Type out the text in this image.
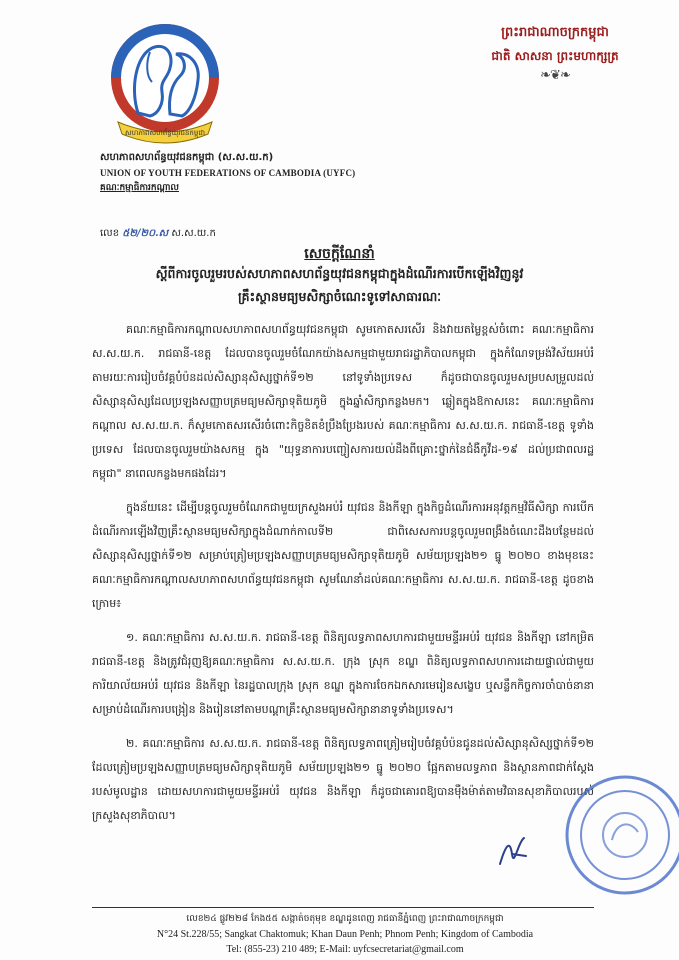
សហភាពសហព័ន្ធយុវជនកម្ពុជា
សហភាពសហព័ន្ធយុវជនកម្ពុជា (ស.ស.យ.ក)
UNION OF YOUTH FEDERATIONS OF CAMBODIA (UYFC)
គណៈកម្មាធិការកណ្តាល
លេខ ៥២/២០.ស ស.ស.យ.ក
ព្រះរាជាណាចក្រកម្ពុជា
ជាតិ សាសនា ព្រះមហាក្សត្រ
❧❦❧
សេចក្តីណែនាំ
ស្តីពីការចូលរួមរបស់សហភាពសហព័ន្ធយុវជនកម្ពុជាក្នុងដំណើរការបើកឡើងវិញនូវ
គ្រឹះស្ថានមធ្យមសិក្សាចំណេះទូទៅសាធារណៈ

គណៈកម្មាធិការកណ្តាលសហភាពសហព័ន្ធយុវជនកម្ពុជា សូមកោតសរសើរ និងវាយតម្លៃខ្ពស់ចំពោះ គណៈកម្មាធិការ ស.ស.យ.ក. រាជធានី-ខេត្ត ដែលបានចូលរួមចំណែកយ៉ាងសកម្មជាមួយរាជរដ្ឋាភិបាលកម្ពុជា ក្នុងកំណែទម្រង់វិស័យអប់រំ តាមរយៈការរៀបចំវគ្គបំប៉នដល់សិស្សានុសិស្សថ្នាក់ទី១២ នៅទូទាំងប្រទេស ក៏ដូចជាបានចូលរួមសម្របសម្រួលដល់សិស្សានុសិស្សដែលប្រឡងសញ្ញាបត្រមធ្យមសិក្សាទុតិយភូមិ ក្នុងឆ្នាំសិក្សាកន្លងមក។ ឆ្លៀតក្នុងឱកាសនេះ គណៈកម្មាធិការកណ្តាល ស.ស.យ.ក. ក៏សូមកោតសរសើរចំពោះកិច្ចខិតខំប្រឹងប្រែងរបស់ គណៈកម្មាធិការ ស.ស.យ.ក. រាជធានី-ខេត្ត ទូទាំងប្រទេស ដែលបានចូលរួមយ៉ាងសកម្ម ក្នុង "យុទ្ធនាការបញ្ជៀសការយល់ដឹងពីគ្រោះថ្នាក់នៃជំងឺកូវីដ-១៩ ដល់ប្រជាពលរដ្ឋកម្ពុជា" នាពេលកន្លងមកផងដែរ។

ក្នុងន័យនេះ ដើម្បីបន្តចូលរួមចំណែកជាមួយក្រសួងអប់រំ យុវជន និងកីឡា ក្នុងកិច្ចដំណើរការអនុវត្តកម្មវិធីសិក្សា ការបើកដំណើរការឡើងវិញគ្រឹះស្ថានមធ្យមសិក្សាក្នុងដំណាក់កាលទី២ ជាពិសេសការបន្តចូលរួមពង្រឹងចំណេះដឹងបន្ថែមដល់សិស្សានុសិស្សថ្នាក់ទី១២ សម្រាប់ត្រៀមប្រឡងសញ្ញាបត្រមធ្យមសិក្សាទុតិយភូមិ សម័យប្រឡង២១ ធ្នូ ២០២០ ខាងមុខនេះ គណៈកម្មាធិការកណ្តាលសហភាពសហព័ន្ធយុវជនកម្ពុជា សូមណែនាំដល់គណៈកម្មាធិការ ស.ស.យ.ក. រាជធានី-ខេត្ត ដូចខាងក្រោម៖

១. គណៈកម្មាធិការ ស.ស.យ.ក. រាជធានី-ខេត្ត ពិនិត្យលទ្ធភាពសហការជាមួយមន្ទីរអប់រំ យុវជន និងកីឡា នៅកម្រិតរាជធានី-ខេត្ត និងត្រូវជំរុញឱ្យគណៈកម្មាធិការ ស.ស.យ.ក. ក្រុង ស្រុក ខណ្ឌ ពិនិត្យលទ្ធភាពសហការដោយផ្ទាល់ជាមួយការិយាល័យអប់រំ យុវជន និងកីឡា នៃរដ្ឋបាលក្រុង ស្រុក ខណ្ឌ ក្នុងការចែកឯកសារមេរៀនសង្ខេប ឬសន្លឹកកិច្ចការចាំបាច់នានាសម្រាប់ដំណើរការបង្រៀន និងរៀននៅតាមបណ្តាគ្រឹះស្ថានមធ្យមសិក្សានានាទូទាំងប្រទេស។

២. គណៈកម្មាធិការ ស.ស.យ.ក. រាជធានី-ខេត្ត ពិនិត្យលទ្ធភាពត្រៀមរៀបចំវគ្គបំប៉នជូនដល់សិស្សានុសិស្សថ្នាក់ទី១២ ដែលត្រៀមប្រឡងសញ្ញាបត្រមធ្យមសិក្សាទុតិយភូមិ សម័យប្រឡង២១ ធ្នូ ២០២០ ផ្អែកតាមលទ្ធភាព និងស្ថានភាពជាក់ស្តែងរបស់មូលដ្ឋាន ដោយសហការជាមួយមន្ទីរអប់រំ យុវជន និងកីឡា ក៏ដូចជាគោរពឱ្យបានម៉ឺងម៉ាត់តាមវិធានសុខាភិបាលរបស់ក្រសួងសុខាភិបាល។

លេខ២៤ ផ្លូវ២២៨ កែង៥៥ សង្កាត់ចតុមុខ ខណ្ឌដូនពេញ រាជធានីភ្នំពេញ ព្រះរាជាណាចក្រកម្ពុជា
N°24 St.228/55; Sangkat Chaktomuk; Khan Daun Penh; Phnom Penh; Kingdom of Cambodia
Tel: (855-23) 210 489; E-Mail: uyfcsecretariat@gmail.com
